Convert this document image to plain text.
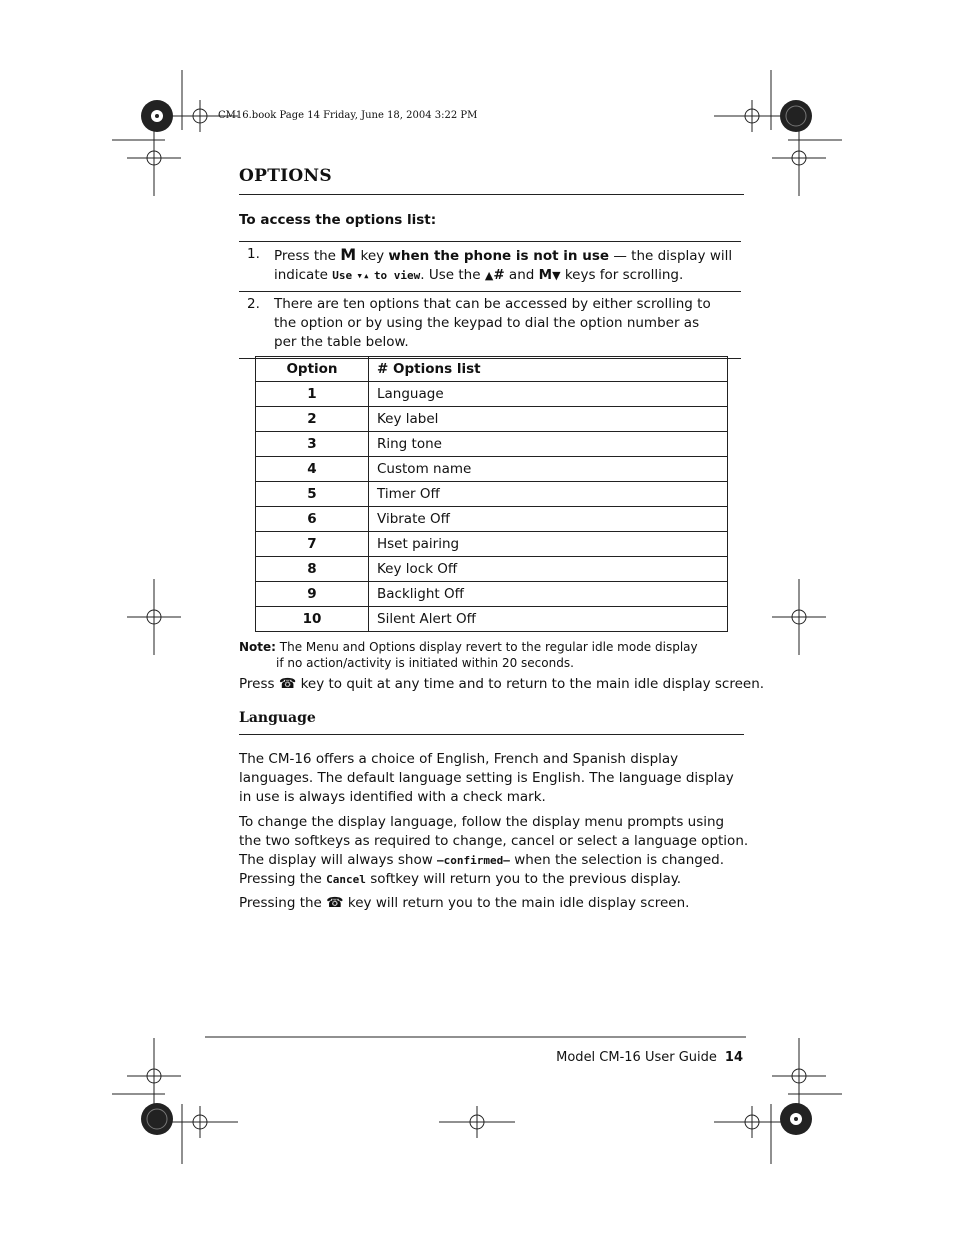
CM16.book Page 14 Friday, June 18, 2004 3:22 PM
OPTIONS
To access the options list:
1.	Press the M key when the phone is not in use — the display will
indicate Use ▾▴ to view. Use the ▲# and M▼ keys for scrolling.
2.	There are ten options that can be accessed by either scrolling to the option or by using the keypad to dial the option number as per the table below.
Option	# Options list
1	Language
2	Key label
3	Ring tone
4	Custom name
5	Timer Off
6	Vibrate Off
7	Hset pairing
8	Key lock Off
9	Backlight Off
10	Silent Alert Off
Note: The Menu and Options display revert to the regular idle mode display
if no action/activity is initiated within 20 seconds.
Press ☎ key to quit at any time and to return to the main idle display screen.
Language
The CM-16 offers a choice of English, French and Spanish display languages. The default language setting is English. The language display in use is always identified with a check mark.
To change the display language, follow the display menu prompts using the two softkeys as required to change, cancel or select a language option. The display will always show –confirmed– when the selection is changed. Pressing the Cancel softkey will return you to the previous display.
Pressing the ☎ key will return you to the main idle display screen.
Model CM-16 User Guide 14
